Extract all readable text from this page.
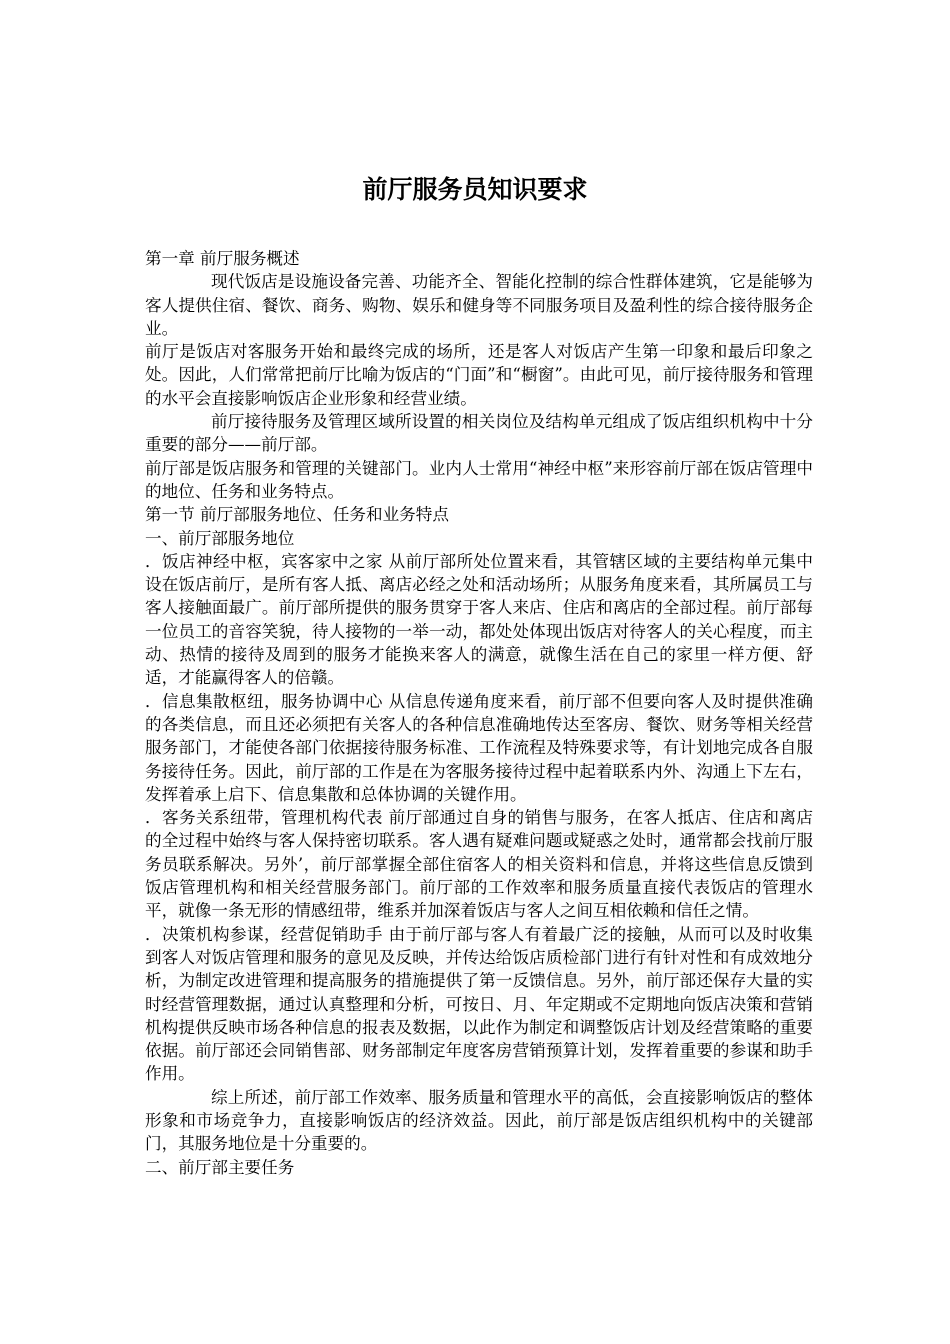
前厅服务员知识要求

第一章 前厅服务概述

现代饭店是设施设备完善、功能齐全、智能化控制的综合性群体建筑，它是能够为客人提供住宿、餐饮、商务、购物、娱乐和健身等不同服务项目及盈利性的综合接待服务企业。

前厅是饭店对客服务开始和最终完成的场所，还是客人对饭店产生第一印象和最后印象之处。因此，人们常常把前厅比喻为饭店的“门面”和“橱窗”。由此可见，前厅接待服务和管理的水平会直接影响饭店企业形象和经营业绩。

前厅接待服务及管理区域所设置的相关岗位及结构单元组成了饭店组织机构中十分重要的部分——前厅部。

前厅部是饭店服务和管理的关键部门。业内人士常用“神经中枢”来形容前厅部在饭店管理中的地位、任务和业务特点。

第一节 前厅部服务地位、任务和业务特点

一、前厅部服务地位

．饭店神经中枢，宾客家中之家 从前厅部所处位置来看，其管辖区域的主要结构单元集中设在饭店前厅，是所有客人抵、离店必经之处和活动场所；从服务角度来看，其所属员工与客人接触面最广。前厅部所提供的服务贯穿于客人来店、住店和离店的全部过程。前厅部每一位员工的音容笑貌，待人接物的一举一动，都处处体现出饭店对待客人的关心程度，而主动、热情的接待及周到的服务才能换来客人的满意，就像生活在自己的家里一样方便、舒适，才能赢得客人的倍赣。

．信息集散枢纽，服务协调中心 从信息传递角度来看，前厅部不但要向客人及时提供准确的各类信息，而且还必须把有关客人的各种信息准确地传达至客房、餐饮、财务等相关经营服务部门，才能使各部门依据接待服务标准、工作流程及特殊要求等，有计划地完成各自服务接待任务。因此，前厅部的工作是在为客服务接待过程中起着联系内外、沟通上下左右，发挥着承上启下、信息集散和总体协调的关键作用。

．客务关系纽带，管理机构代表 前厅部通过自身的销售与服务，在客人抵店、住店和离店的全过程中始终与客人保持密切联系。客人遇有疑难问题或疑惑之处时，通常都会找前厅服务员联系解决。另外’，前厅部掌握全部住宿客人的相关资料和信息，并将这些信息反馈到饭店管理机构和相关经营服务部门。前厅部的工作效率和服务质量直接代表饭店的管理水平，就像一条无形的情感纽带，维系并加深着饭店与客人之间互相依赖和信任之情。

．决策机构参谋，经营促销助手 由于前厅部与客人有着最广泛的接触，从而可以及时收集到客人对饭店管理和服务的意见及反映，并传达给饭店质检部门进行有针对性和有成效地分析，为制定改进管理和提高服务的措施提供了第一反馈信息。另外，前厅部还保存大量的实时经营管理数据，通过认真整理和分析，可按日、月、年定期或不定期地向饭店决策和营销机构提供反映市场各种信息的报表及数据，以此作为制定和调整饭店计划及经营策略的重要依据。前厅部还会同销售部、财务部制定年度客房营销预算计划，发挥着重要的参谋和助手作用。

综上所述，前厅部工作效率、服务质量和管理水平的高低，会直接影响饭店的整体形象和市场竞争力，直接影响饭店的经济效益。因此，前厅部是饭店组织机构中的关键部门，其服务地位是十分重要的。

二、前厅部主要任务
